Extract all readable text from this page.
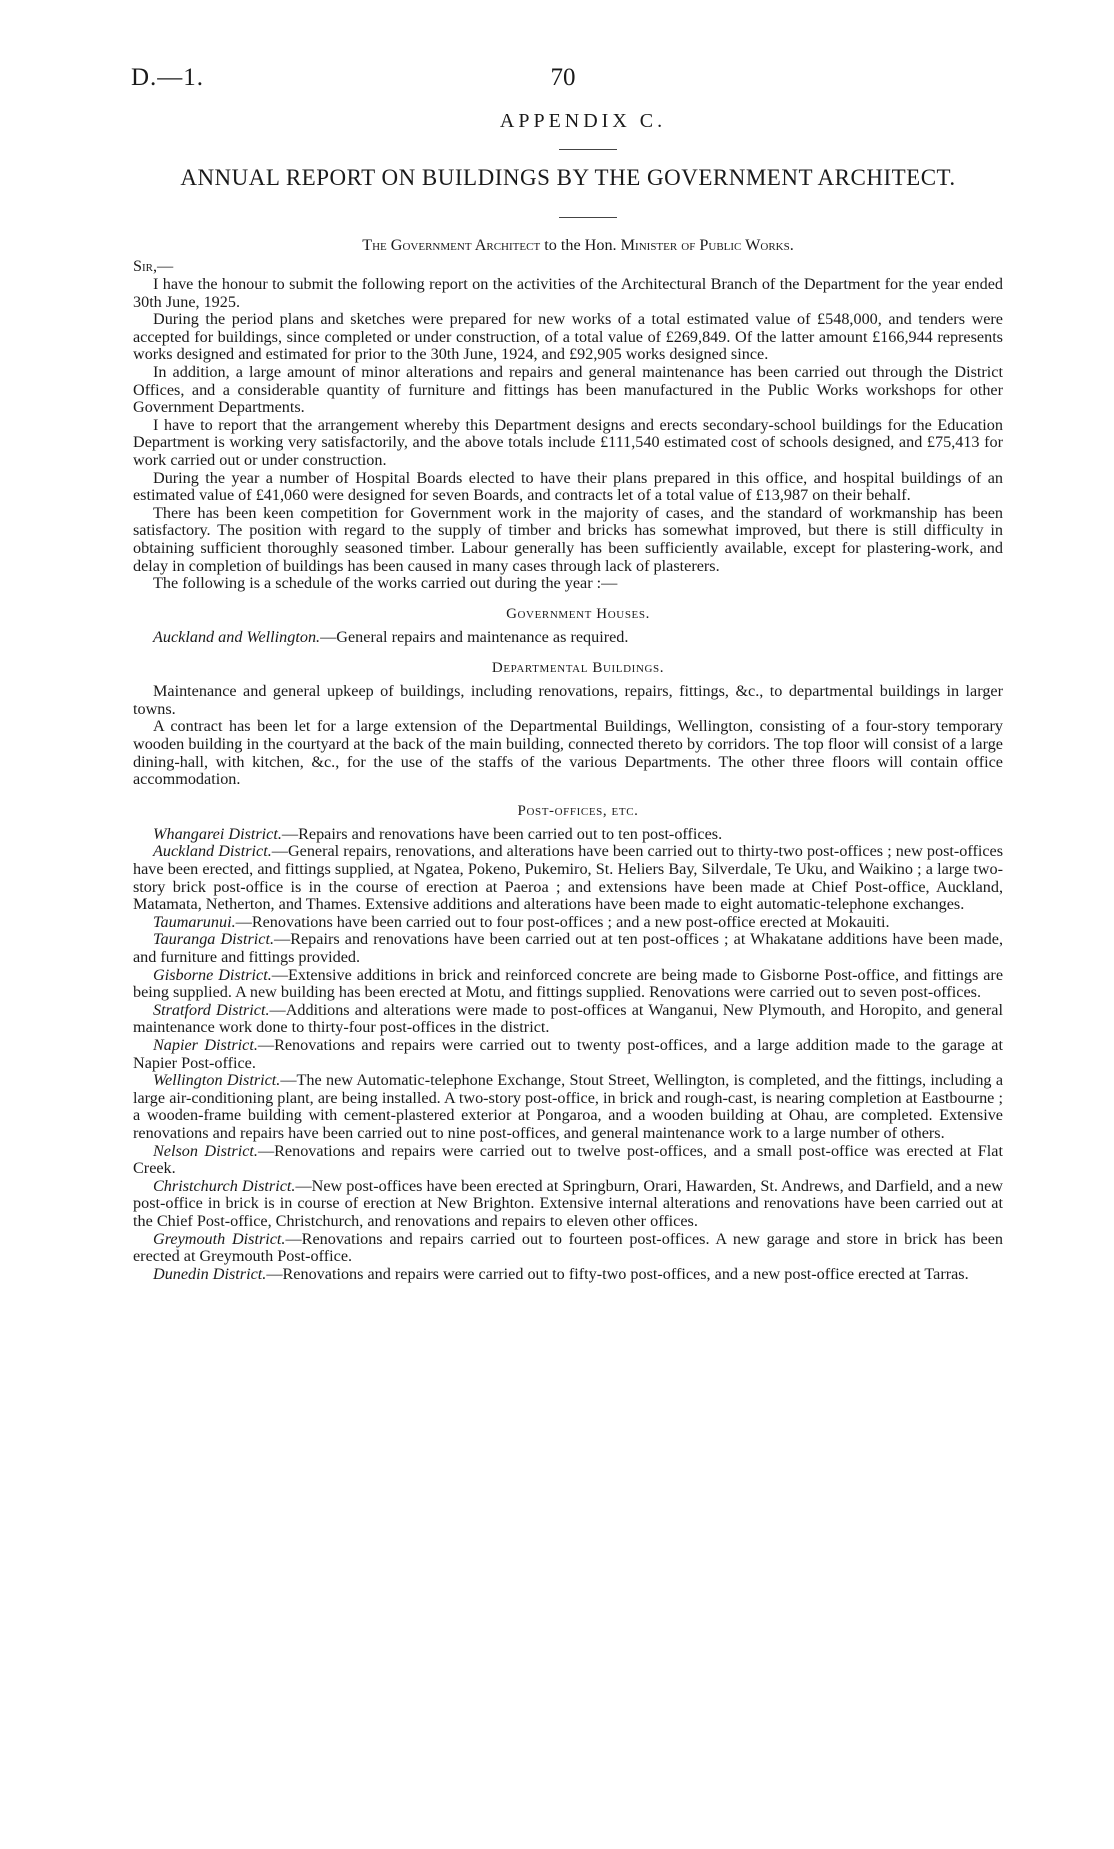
D.—1.	70
APPENDIX C.
ANNUAL REPORT ON BUILDINGS BY THE GOVERNMENT ARCHITECT.
The Government Architect to the Hon. Minister of Public Works.
Sir,—

I have the honour to submit the following report on the activities of the Architectural Branch of the Department for the year ended 30th June, 1925.

During the period plans and sketches were prepared for new works of a total estimated value of £548,000, and tenders were accepted for buildings, since completed or under construction, of a total value of £269,849. Of the latter amount £166,944 represents works designed and estimated for prior to the 30th June, 1924, and £92,905 works designed since.

In addition, a large amount of minor alterations and repairs and general maintenance has been carried out through the District Offices, and a considerable quantity of furniture and fittings has been manufactured in the Public Works workshops for other Government Departments.

I have to report that the arrangement whereby this Department designs and erects secondary-school buildings for the Education Department is working very satisfactorily, and the above totals include £111,540 estimated cost of schools designed, and £75,413 for work carried out or under construction.

During the year a number of Hospital Boards elected to have their plans prepared in this office, and hospital buildings of an estimated value of £41,060 were designed for seven Boards, and contracts let of a total value of £13,987 on their behalf.

There has been keen competition for Government work in the majority of cases, and the standard of workmanship has been satisfactory. The position with regard to the supply of timber and bricks has somewhat improved, but there is still difficulty in obtaining sufficient thoroughly seasoned timber. Labour generally has been sufficiently available, except for plastering-work, and delay in completion of buildings has been caused in many cases through lack of plasterers.

The following is a schedule of the works carried out during the year :—

Government Houses.

Auckland and Wellington.—General repairs and maintenance as required.

Departmental Buildings.

Maintenance and general upkeep of buildings, including renovations, repairs, fittings, &c., to departmental buildings in larger towns.

A contract has been let for a large extension of the Departmental Buildings, Wellington, consisting of a four-story temporary wooden building in the courtyard at the back of the main building, connected thereto by corridors. The top floor will consist of a large dining-hall, with kitchen, &c., for the use of the staffs of the various Departments. The other three floors will contain office accommodation.

Post-offices, etc.

Whangarei District.—Repairs and renovations have been carried out to ten post-offices.

Auckland District.—General repairs, renovations, and alterations have been carried out to thirty-two post-offices ; new post-offices have been erected, and fittings supplied, at Ngatea, Pokeno, Pukemiro, St. Heliers Bay, Silverdale, Te Uku, and Waikino ; a large two-story brick post-office is in the course of erection at Paeroa ; and extensions have been made at Chief Post-office, Auckland, Matamata, Netherton, and Thames. Extensive additions and alterations have been made to eight automatic-telephone exchanges.

Taumarunui.—Renovations have been carried out to four post-offices ; and a new post-office erected at Mokauiti.

Tauranga District.—Repairs and renovations have been carried out at ten post-offices ; at Whakatane additions have been made, and furniture and fittings provided.

Gisborne District.—Extensive additions in brick and reinforced concrete are being made to Gisborne Post-office, and fittings are being supplied. A new building has been erected at Motu, and fittings supplied. Renovations were carried out to seven post-offices.

Stratford District.—Additions and alterations were made to post-offices at Wanganui, New Plymouth, and Horopito, and general maintenance work done to thirty-four post-offices in the district.

Napier District.—Renovations and repairs were carried out to twenty post-offices, and a large addition made to the garage at Napier Post-office.

Wellington District.—The new Automatic-telephone Exchange, Stout Street, Wellington, is completed, and the fittings, including a large air-conditioning plant, are being installed. A two-story post-office, in brick and rough-cast, is nearing completion at Eastbourne ; a wooden-frame building with cement-plastered exterior at Pongaroa, and a wooden building at Ohau, are completed. Extensive renovations and repairs have been carried out to nine post-offices, and general maintenance work to a large number of others.

Nelson District.—Renovations and repairs were carried out to twelve post-offices, and a small post-office was erected at Flat Creek.

Christchurch District.—New post-offices have been erected at Springburn, Orari, Hawarden, St. Andrews, and Darfield, and a new post-office in brick is in course of erection at New Brighton. Extensive internal alterations and renovations have been carried out at the Chief Post-office, Christchurch, and renovations and repairs to eleven other offices.

Greymouth District.—Renovations and repairs carried out to fourteen post-offices. A new garage and store in brick has been erected at Greymouth Post-office.

Dunedin District.—Renovations and repairs were carried out to fifty-two post-offices, and a new post-office erected at Tarras.
